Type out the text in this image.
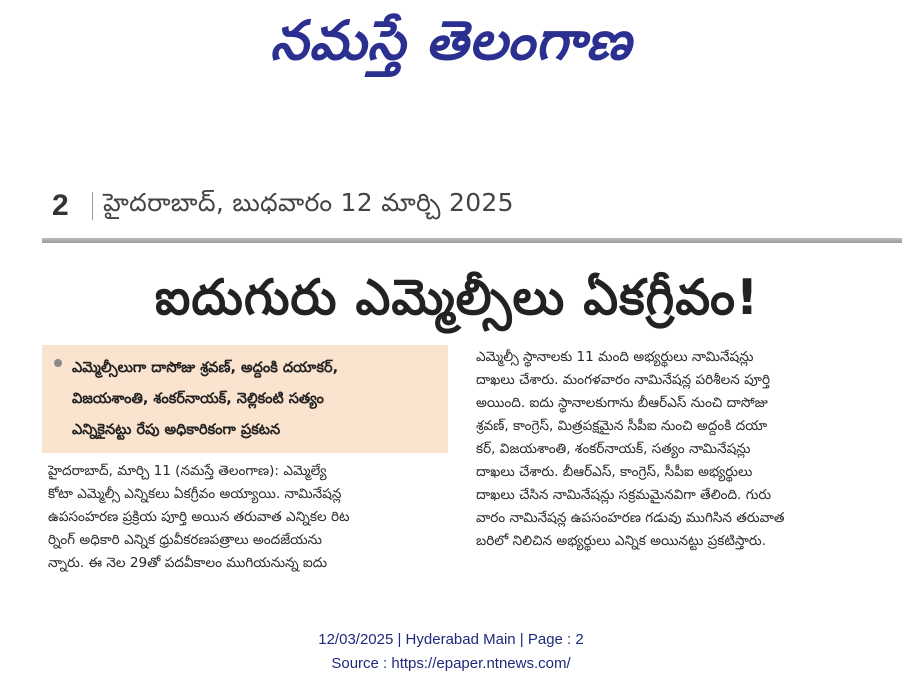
నమస్తే తెలంగాణ
2	హైదరాబాద్, బుధవారం 12 మార్చి 2025
ఐదుగురు ఎమ్మెల్సీలు ఏకగ్రీవం!
ఎమ్మెల్సీలుగా దాసోజు శ్రవణ్, అద్దంకి దయాకర్,
విజయశాంతి, శంకర్‌నాయక్, నెల్లికంటి సత్యం
ఎన్నికైనట్టు రేపు అధికారికంగా ప్రకటన
హైదరాబాద్, మార్చి 11 (నమస్తే తెలంగాణ): ఎమ్మెల్యే
కోటా ఎమ్మెల్సీ ఎన్నికలు ఏకగ్రీవం అయ్యాయి. నామినేషన్ల
ఉపసంహరణ ప్రక్రియ పూర్తి అయిన తరువాత ఎన్నికల రిట
ర్నింగ్ అధికారి ఎన్నిక ధ్రువీకరణపత్రాలు అందజేయను
న్నారు. ఈ నెల 29తో పదవీకాలం ముగియనున్న ఐదు
ఎమ్మెల్సీ స్థానాలకు 11 మంది అభ్యర్థులు నామినేషన్లు
దాఖలు చేశారు. మంగళవారం నామినేషన్ల పరిశీలన పూర్తి
అయింది. ఐదు స్థానాలకుగాను బీఆర్‌ఎస్ నుంచి దాసోజు
శ్రవణ్, కాంగ్రెస్, మిత్రపక్షమైన సీపీఐ నుంచి అద్దంకి దయా
కర్, విజయశాంతి, శంకర్‌నాయక్, సత్యం నామినేషన్లు
దాఖలు చేశారు. బీఆర్‌ఎస్, కాంగ్రెస్, సీపీఐ అభ్యర్థులు
దాఖలు చేసిన నామినేషన్లు సక్రమమైనవిగా తేలింది. గురు
వారం నామినేషన్ల ఉపసంహరణ గడువు ముగిసిన తరువాత
బరిలో నిలిచిన అభ్యర్థులు ఎన్నిక అయినట్టు ప్రకటిస్తారు.
12/03/2025 | Hyderabad Main | Page : 2
Source : https://epaper.ntnews.com/
